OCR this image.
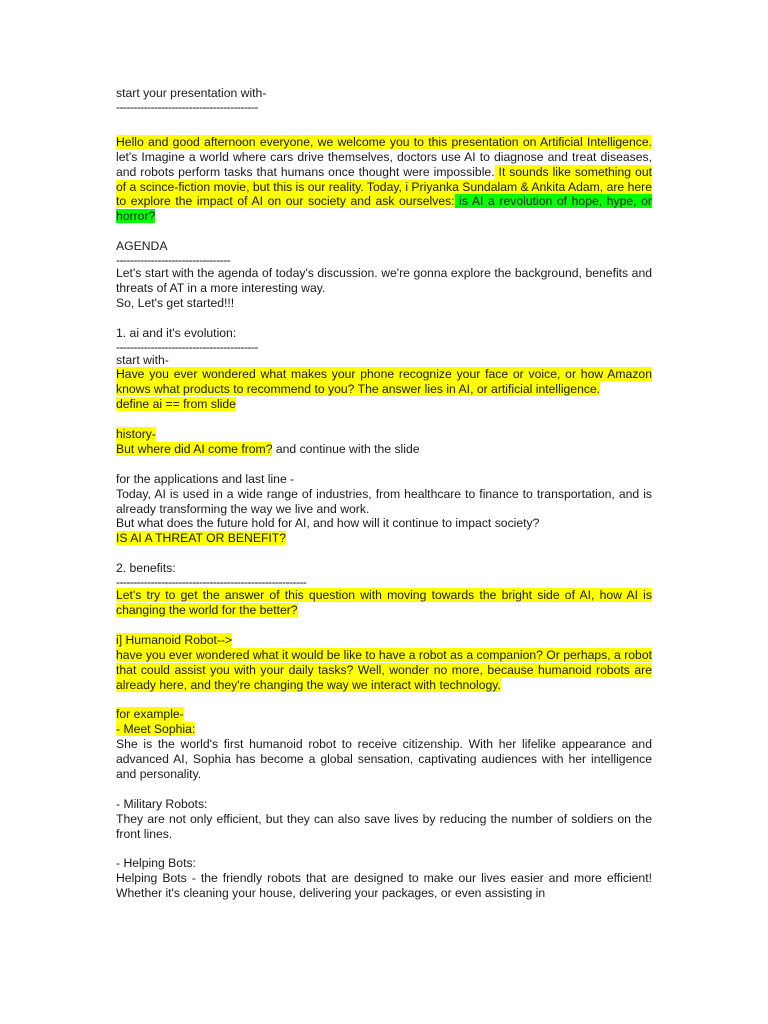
start your presentation with-

-----------------------------------------

Hello and good afternoon everyone, we welcome you to this presentation on Artificial Intelligence. let's Imagine a world where cars drive themselves, doctors use AI to diagnose and treat diseases, and robots perform tasks that humans once thought were impossible. It sounds like something out of a scince-fiction movie, but this is our reality. Today, i Priyanka Sundalam & Ankita Adam, are here to explore the impact of AI on our society and ask ourselves: is AI a revolution of hope, hype, or horror?

AGENDA

---------------------------------

Let's start with the agenda of today's discussion. we're gonna explore the background, benefits and threats of AT in a more interesting way.

So, Let's get started!!!

1. ai and it's evolution:

-----------------------------------------

start with-

Have you ever wondered what makes your phone recognize your face or voice, or how Amazon knows what products to recommend to you? The answer lies in AI, or artificial intelligence.

define ai == from slide

history-

But where did AI come from? and continue with the slide

for the applications and last line -

Today, AI is used in a wide range of industries, from healthcare to finance to transportation, and is already transforming the way we live and work.

But what does the future hold for AI, and how will it continue to impact society?

IS AI A THREAT OR BENEFIT?

2. benefits:

-------------------------------------------------------

Let's try to get the answer of this question with moving towards the bright side of AI, how AI is changing the world for the better?

i] Humanoid Robot-->

have you ever wondered what it would be like to have a robot as a companion? Or perhaps, a robot that could assist you with your daily tasks? Well, wonder no more, because humanoid robots are already here, and they're changing the way we interact with technology.

for example-

- Meet Sophia:

She is the world's first humanoid robot to receive citizenship. With her lifelike appearance and advanced AI, Sophia has become a global sensation, captivating audiences with her intelligence and personality.

- Military Robots:

They are not only efficient, but they can also save lives by reducing the number of soldiers on the front lines.

- Helping Bots:

Helping Bots - the friendly robots that are designed to make our lives easier and more efficient! Whether it's cleaning your house, delivering your packages, or even assisting in
